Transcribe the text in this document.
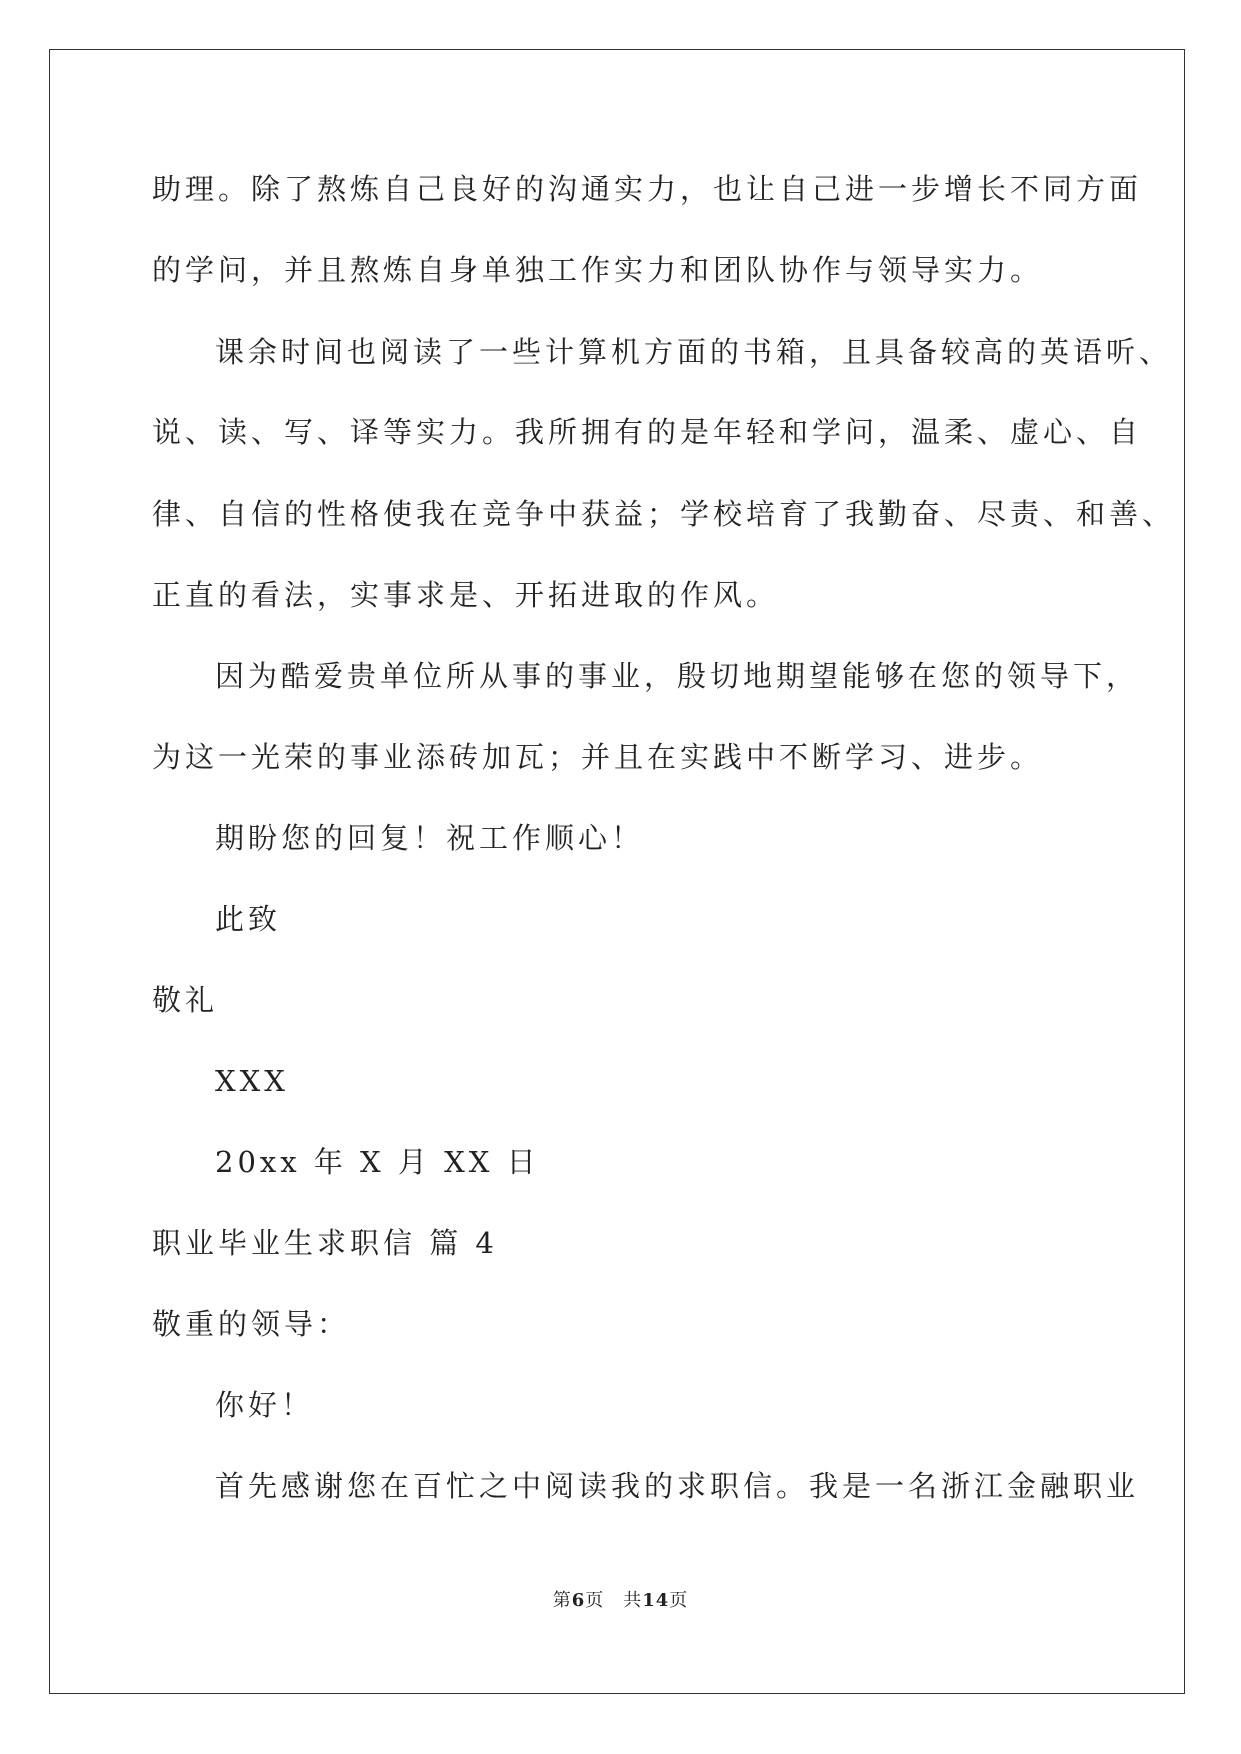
助理。除了熬炼自己良好的沟通实力，也让自己进一步增长不同方面
的学问，并且熬炼自身单独工作实力和团队协作与领导实力。
课余时间也阅读了一些计算机方面的书箱，且具备较高的英语听、
说、读、写、译等实力。我所拥有的是年轻和学问，温柔、虚心、自
律、自信的性格使我在竞争中获益；学校培育了我勤奋、尽责、和善、
正直的看法，实事求是、开拓进取的作风。
因为酷爱贵单位所从事的事业，殷切地期望能够在您的领导下，
为这一光荣的事业添砖加瓦；并且在实践中不断学习、进步。
期盼您的回复！祝工作顺心！
此致
敬礼
XXX
20xx 年 X 月 XX 日
职业毕业生求职信 篇 4
敬重的领导：
你好！
首先感谢您在百忙之中阅读我的求职信。我是一名浙江金融职业
第6页　共14页
